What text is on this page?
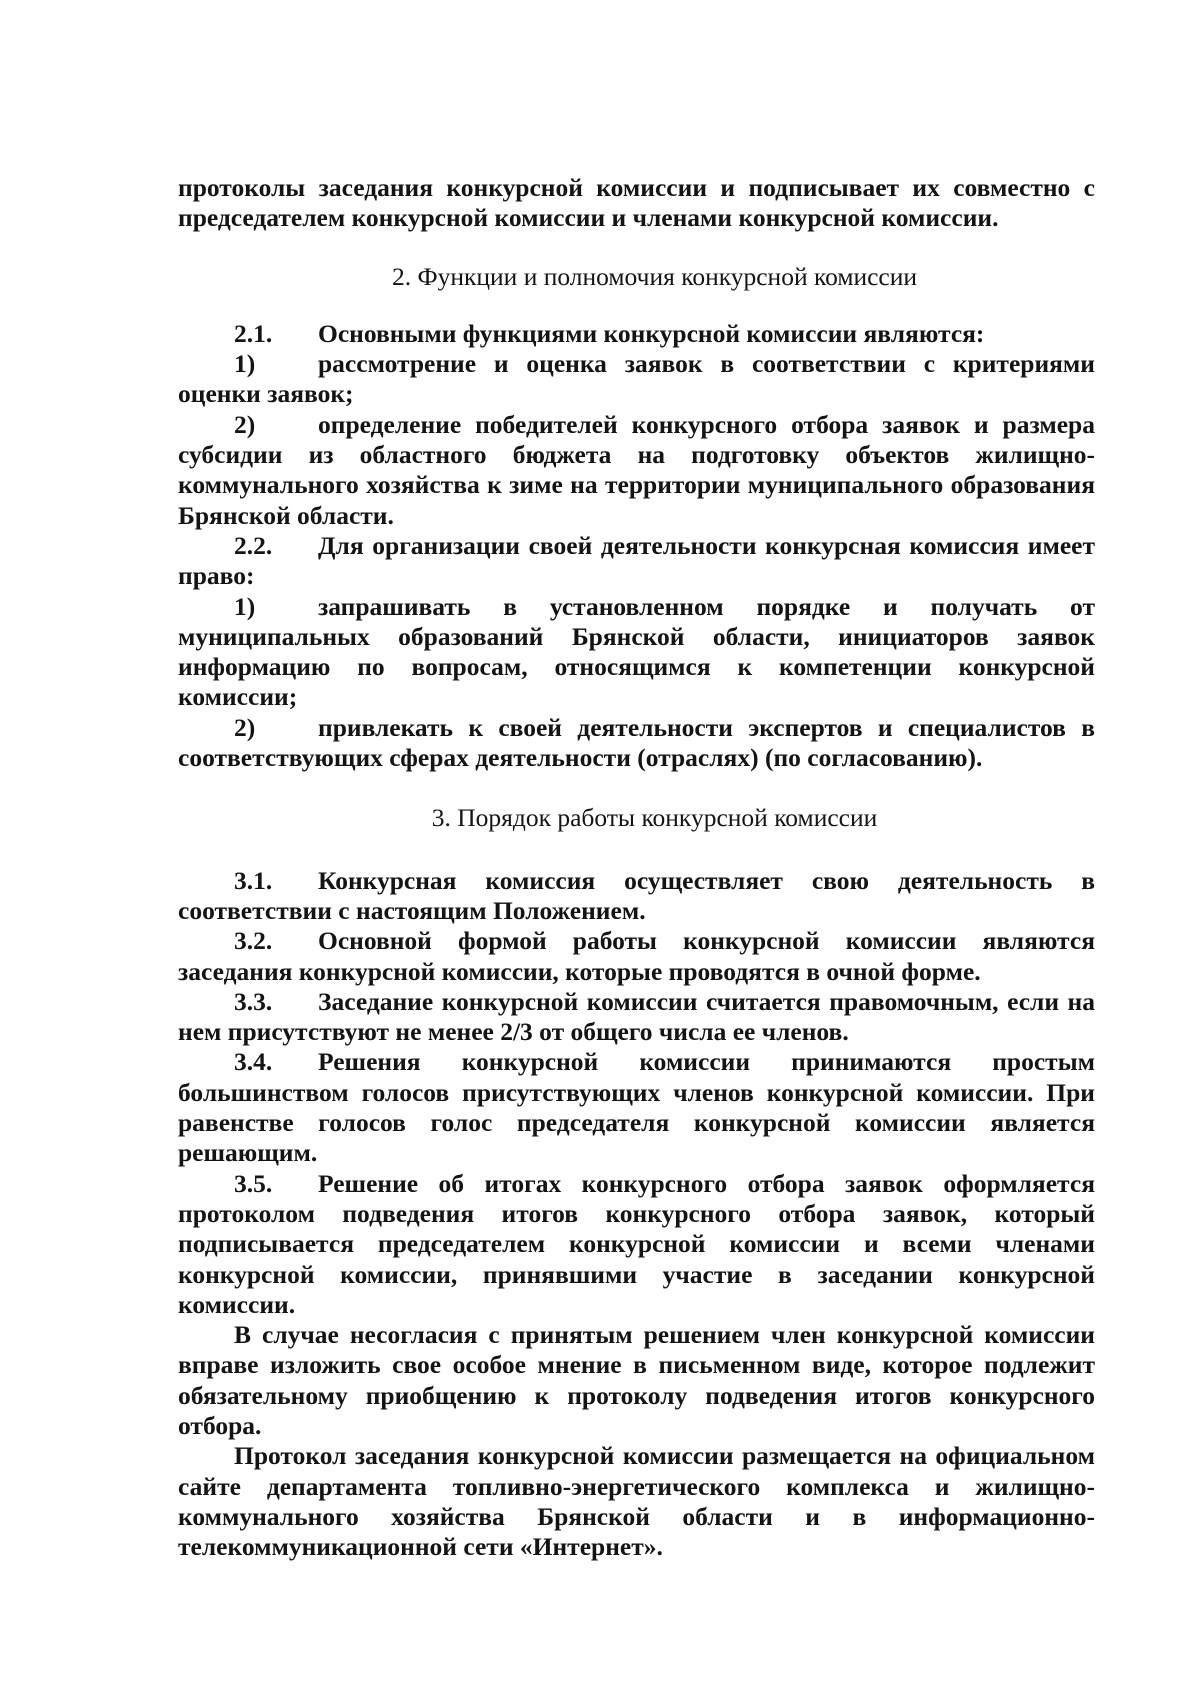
протоколы заседания конкурсной комиссии и подписывает их совместно с председателем конкурсной комиссии и членами конкурсной комиссии.

2. Функции и полномочия конкурсной комиссии

2.1. Основными функциями конкурсной комиссии являются:

1) рассмотрение и оценка заявок в соответствии с критериями оценки заявок;

2) определение победителей конкурсного отбора заявок и размера субсидии из областного бюджета на подготовку объектов жилищно-коммунального хозяйства к зиме на территории муниципального образования Брянской области.

2.2. Для организации своей деятельности конкурсная комиссия имеет право:

1) запрашивать в установленном порядке и получать от муниципальных образований Брянской области, инициаторов заявок информацию по вопросам, относящимся к компетенции конкурсной комиссии;

2) привлекать к своей деятельности экспертов и специалистов в соответствующих сферах деятельности (отраслях) (по согласованию).

3. Порядок работы конкурсной комиссии

3.1. Конкурсная комиссия осуществляет свою деятельность в соответствии с настоящим Положением.

3.2. Основной формой работы конкурсной комиссии являются заседания конкурсной комиссии, которые проводятся в очной форме.

3.3. Заседание конкурсной комиссии считается правомочным, если на нем присутствуют не менее 2/3 от общего числа ее членов.

3.4. Решения конкурсной комиссии принимаются простым большинством голосов присутствующих членов конкурсной комиссии. При равенстве голосов голос председателя конкурсной комиссии является решающим.

3.5. Решение об итогах конкурсного отбора заявок оформляется протоколом подведения итогов конкурсного отбора заявок, который подписывается председателем конкурсной комиссии и всеми членами конкурсной комиссии, принявшими участие в заседании конкурсной комиссии.

В случае несогласия с принятым решением член конкурсной комиссии вправе изложить свое особое мнение в письменном виде, которое подлежит обязательному приобщению к протоколу подведения итогов конкурсного отбора.

Протокол заседания конкурсной комиссии размещается на официальном сайте департамента топливно-энергетического комплекса и жилищно-коммунального хозяйства Брянской области и в информационно-телекоммуникационной сети «Интернет».
